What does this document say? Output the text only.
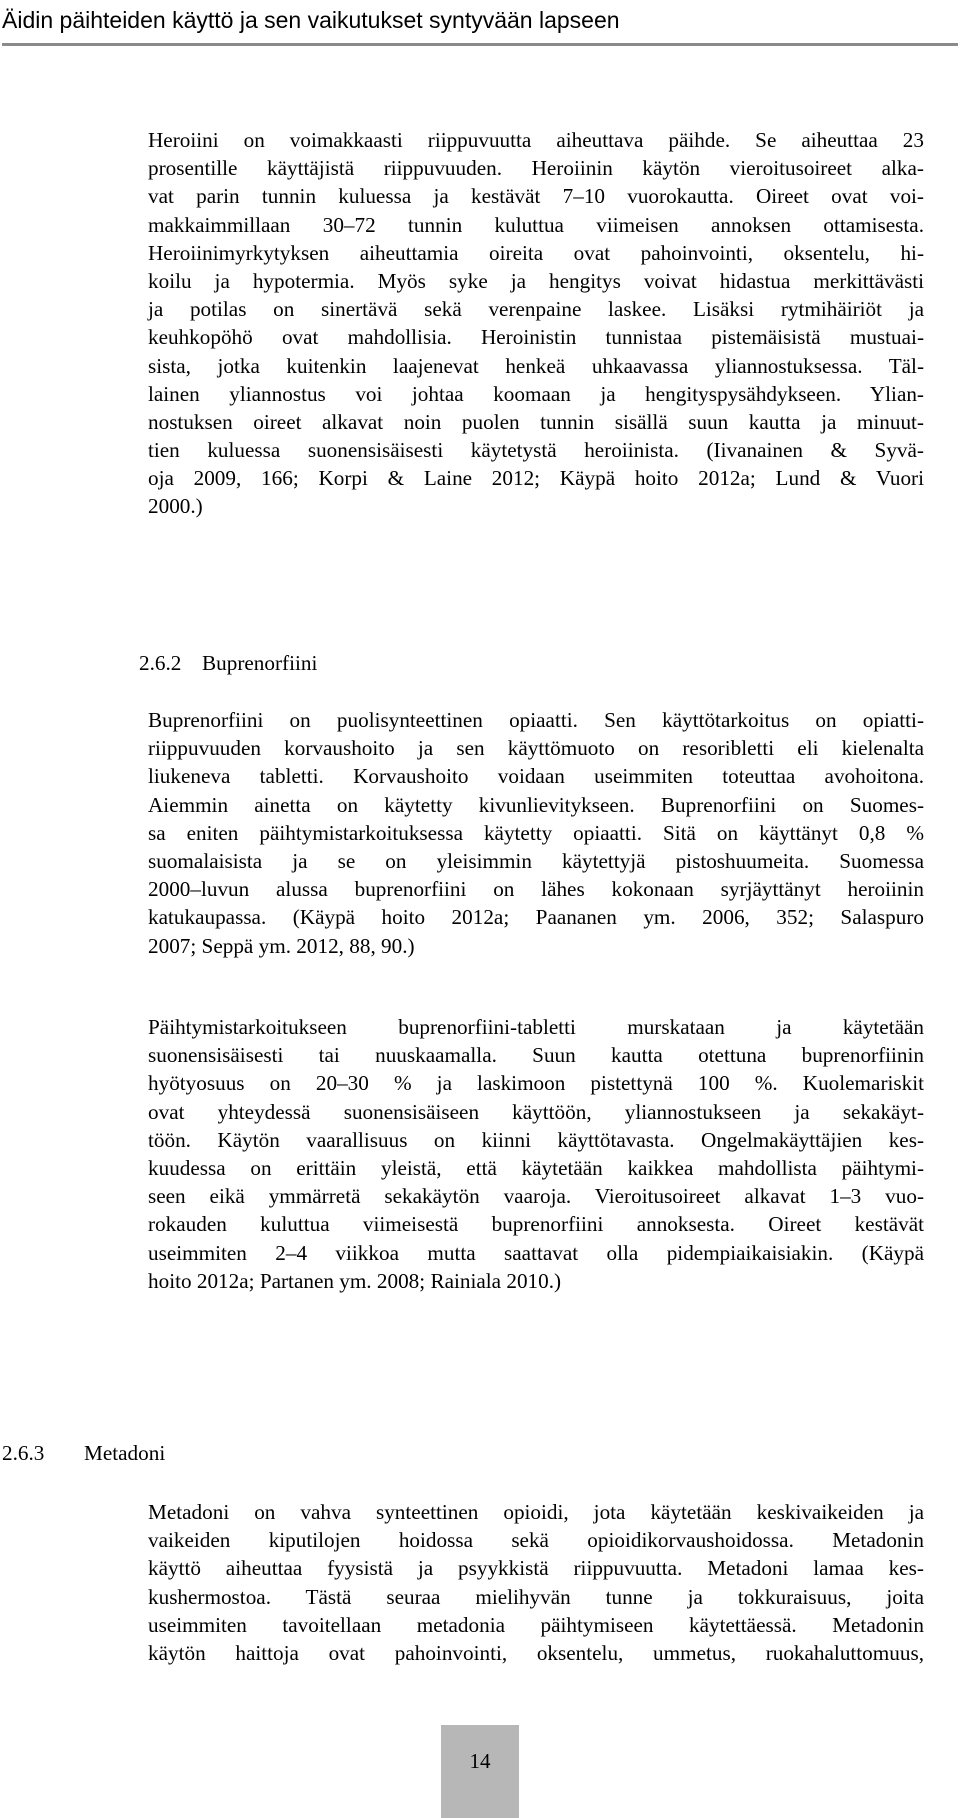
Äidin päihteiden käyttö ja sen vaikutukset syntyvään lapseen
Heroiini on voimakkaasti riippuvuutta aiheuttava päihde. Se aiheuttaa 23
prosentille käyttäjistä riippuvuuden. Heroiinin käytön vieroitusoireet alka-
vat parin tunnin kuluessa ja kestävät 7–10 vuorokautta. Oireet ovat voi-
makkaimmillaan 30–72 tunnin kuluttua viimeisen annoksen ottamisesta.
Heroiinimyrkytyksen aiheuttamia oireita ovat pahoinvointi, oksentelu, hi-
koilu ja hypotermia. Myös syke ja hengitys voivat hidastua merkittävästi
ja potilas on sinertävä sekä verenpaine laskee. Lisäksi rytmihäiriöt ja
keuhkopöhö ovat mahdollisia. Heroinistin tunnistaa pistemäisistä mustuai-
sista, jotka kuitenkin laajenevat henkeä uhkaavassa yliannostuksessa. Täl-
lainen yliannostus voi johtaa koomaan ja hengityspysähdykseen. Ylian-
nostuksen oireet alkavat noin puolen tunnin sisällä suun kautta ja minuut-
tien kuluessa suonensisäisesti käytetystä heroiinista. (Iivanainen & Syvä-
oja 2009, 166; Korpi & Laine 2012; Käypä hoito 2012a; Lund & Vuori
2000.)
2.6.2 Buprenorfiini
Buprenorfiini on puolisynteettinen opiaatti. Sen käyttötarkoitus on opiatti-
riippuvuuden korvaushoito ja sen käyttömuoto on resoribletti eli kielenalta
liukeneva tabletti. Korvaushoito voidaan useimmiten toteuttaa avohoitona.
Aiemmin ainetta on käytetty kivunlievitykseen. Buprenorfiini on Suomes-
sa eniten päihtymistarkoituksessa käytetty opiaatti. Sitä on käyttänyt 0,8 %
suomalaisista ja se on yleisimmin käytettyjä pistoshuumeita. Suomessa
2000–luvun alussa buprenorfiini on lähes kokonaan syrjäyttänyt heroiinin
katukaupassa. (Käypä hoito 2012a; Paananen ym. 2006, 352; Salaspuro
2007; Seppä ym. 2012, 88, 90.)
Päihtymistarkoitukseen buprenorfiini-tabletti murskataan ja käytetään
suonensisäisesti tai nuuskaamalla. Suun kautta otettuna buprenorfiinin
hyötyosuus on 20–30 % ja laskimoon pistettynä 100 %. Kuolemariskit
ovat yhteydessä suonensisäiseen käyttöön, yliannostukseen ja sekakäyt-
töön. Käytön vaarallisuus on kiinni käyttötavasta. Ongelmakäyttäjien kes-
kuudessa on erittäin yleistä, että käytetään kaikkea mahdollista päihtymi-
seen eikä ymmärretä sekakäytön vaaroja. Vieroitusoireet alkavat 1–3 vuo-
rokauden kuluttua viimeisestä buprenorfiini annoksesta. Oireet kestävät
useimmiten 2–4 viikkoa mutta saattavat olla pidempiaikaisiakin. (Käypä
hoito 2012a; Partanen ym. 2008; Rainiala 2010.)
2.6.3 Metadoni
Metadoni on vahva synteettinen opioidi, jota käytetään keskivaikeiden ja
vaikeiden kiputilojen hoidossa sekä opioidikorvaushoidossa. Metadonin
käyttö aiheuttaa fyysistä ja psyykkistä riippuvuutta. Metadoni lamaa kes-
kushermostoa. Tästä seuraa mielihyvän tunne ja tokkuraisuus, joita
useimmiten tavoitellaan metadonia päihtymiseen käytettäessä. Metadonin
käytön haittoja ovat pahoinvointi, oksentelu, ummetus, ruokahaluttomuus,
14
